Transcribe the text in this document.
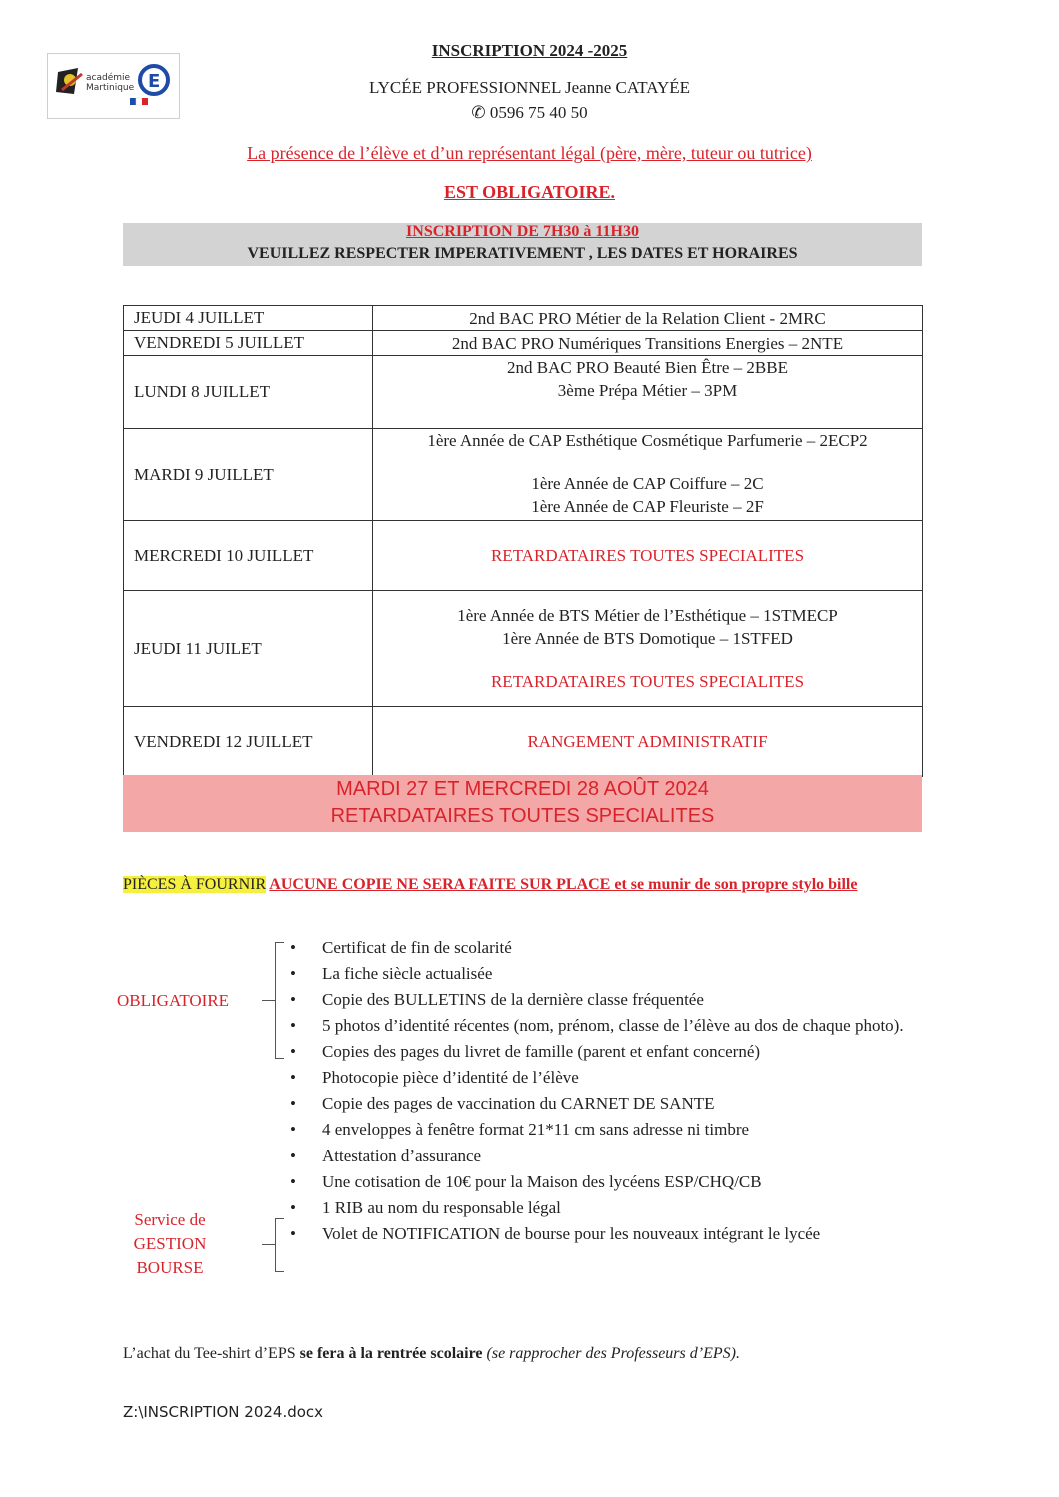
E
académie
Martinique
INSCRIPTION 2024 -2025
LYCÉE PROFESSIONNEL Jeanne CATAYÉE
✆ 0596 75 40 50
La présence de l’élève et d’un représentant légal (père, mère, tuteur ou tutrice)
EST OBLIGATOIRE.
INSCRIPTION DE 7H30 à 11H30
VEUILLEZ RESPECTER IMPERATIVEMENT , LES DATES ET HORAIRES
JEUDI 4 JUILLET	2nd BAC PRO Métier de la Relation Client - 2MRC

VENDREDI 5 JUILLET	2nd BAC PRO Numériques Transitions Energies – 2NTE

LUNDI 8 JUILLET	2nd BAC PRO Beauté Bien Être – 2BBE
3ème Prépa Métier – 3PM

MARDI 9 JUILLET	1ère Année de CAP Esthétique Cosmétique Parfumerie – 2ECP2
1ère Année de CAP Coiffure – 2C
1ère Année de CAP Fleuriste – 2F

MERCREDI 10 JUILLET	RETARDATAIRES TOUTES SPECIALITES

JEUDI 11 JUILET	1ère Année de BTS Métier de l’Esthétique – 1STMECP
1ère Année de BTS Domotique – 1STFED
RETARDATAIRES TOUTES SPECIALITES

VENDREDI 12 JUILLET	RANGEMENT ADMINISTRATIF
MARDI 27 ET MERCREDI 28 AOÛT 2024
RETARDATAIRES TOUTES SPECIALITES
PIÈCES À FOURNIR AUCUNE COPIE NE SERA FAITE SUR PLACE et se munir de son propre stylo bille
OBLIGATOIRE
Service de
GESTION
BOURSE
• Certificat de fin de scolarité
• La fiche siècle actualisée
• Copie des BULLETINS de la dernière classe fréquentée
• 5 photos d’identité récentes (nom, prénom, classe de l’élève au dos de chaque photo).
• Copies des pages du livret de famille (parent et enfant concerné)
• Photocopie pièce d’identité de l’élève
• Copie des pages de vaccination du CARNET DE SANTE
• 4 enveloppes à fenêtre format 21*11 cm sans adresse ni timbre
• Attestation d’assurance
• Une cotisation de 10€ pour la Maison des lycéens ESP/CHQ/CB
• 1 RIB au nom du responsable légal
• Volet de NOTIFICATION de bourse pour les nouveaux intégrant le lycée
L’achat du Tee-shirt d’EPS se fera à la rentrée scolaire (se rapprocher des Professeurs d’EPS).
Z:\INSCRIPTION 2024.docx
